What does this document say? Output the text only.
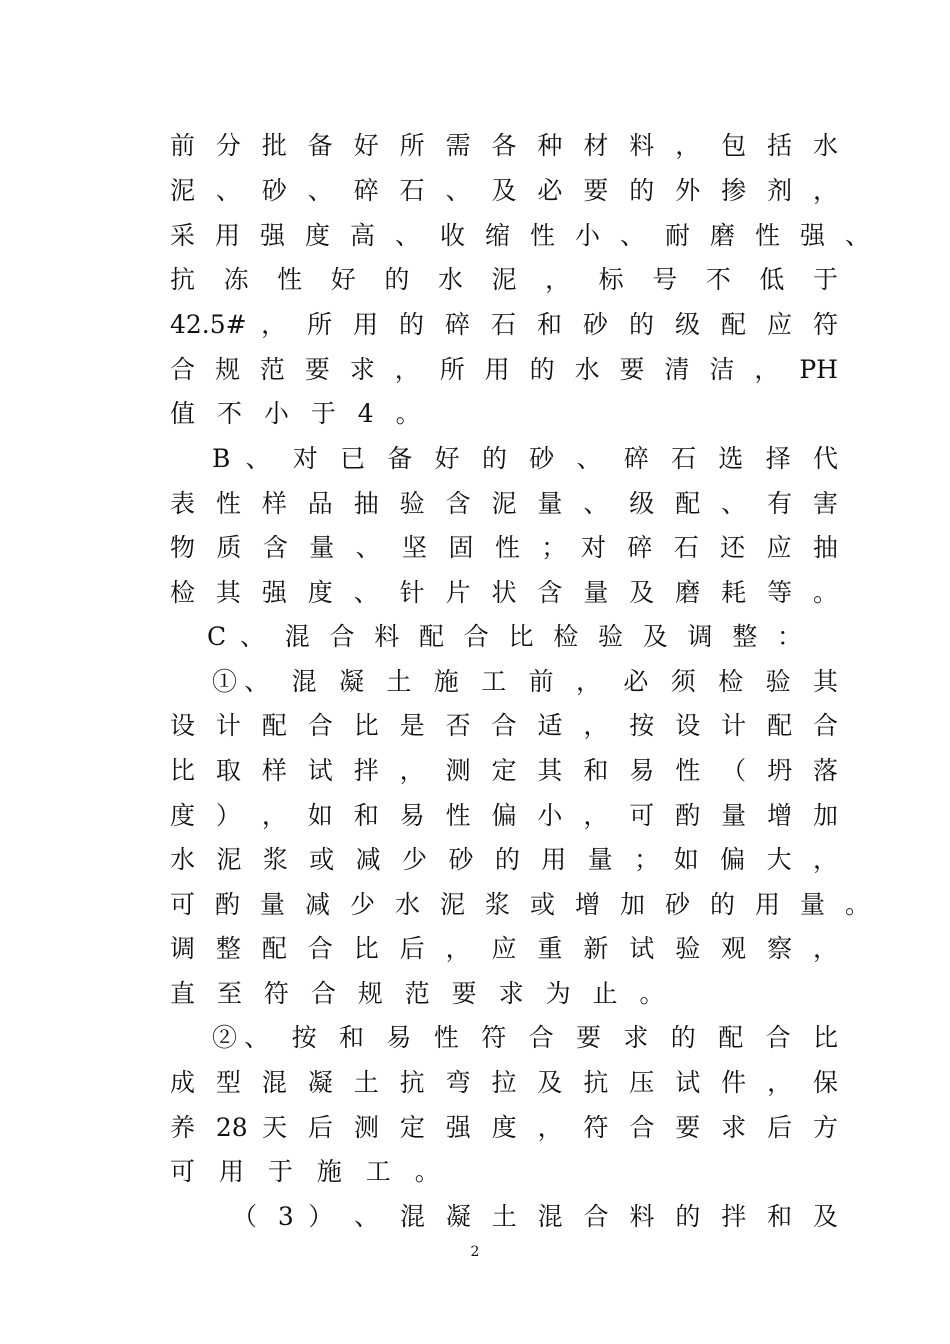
前 分 批 备 好 所 需 各 种 材 料 ， 包 括 水
泥 、 砂 、 碎 石 、 及 必 要 的 外 掺 剂 ，
采 用 强 度 高 、 收 缩 性 小 、 耐 磨 性 强 、
抗 冻 性 好 的 水 泥 ， 标 号 不 低 于
42.5# ， 所 用 的 碎 石 和 砂 的 级 配 应 符
合 规 范 要 求 ， 所 用 的 水 要 清 洁 ， PH
值 不 小 于 4 。
B 、 对 已 备 好 的 砂 、 碎 石 选 择 代
表 性 样 品 抽 验 含 泥 量 、 级 配 、 有 害
物 质 含 量 、 坚 固 性 ； 对 碎 石 还 应 抽
检 其 强 度 、 针 片 状 含 量 及 磨 耗 等 。
C 、 混 合 料 配 合 比 检 验 及 调 整 ：
①、 混 凝 土 施 工 前 ， 必 须 检 验 其
设 计 配 合 比 是 否 合 适 ， 按 设 计 配 合
比 取 样 试 拌 ， 测 定 其 和 易 性 （ 坍 落
度 ） ， 如 和 易 性 偏 小 ， 可 酌 量 增 加
水 泥 浆 或 减 少 砂 的 用 量 ； 如 偏 大 ，
可 酌 量 减 少 水 泥 浆 或 增 加 砂 的 用 量 。
调 整 配 合 比 后 ， 应 重 新 试 验 观 察 ，
直 至 符 合 规 范 要 求 为 止 。
②、 按 和 易 性 符 合 要 求 的 配 合 比
成 型 混 凝 土 抗 弯 拉 及 抗 压 试 件 ， 保
养 28 天 后 测 定 强 度 ， 符 合 要 求 后 方
可 用 于 施 工 。
（ 3 ） 、 混 凝 土 混 合 料 的 拌 和 及
2
